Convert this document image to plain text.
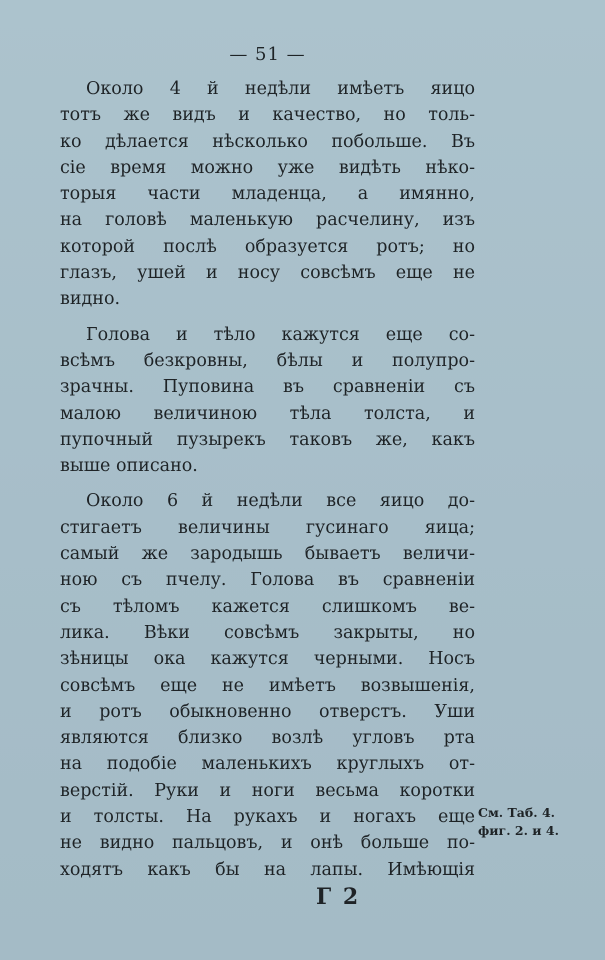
— 51 —

Около 4 й недѣли имѣетъ яицо
тотъ же видъ и качество, но толь-
ко дѣлается нѣсколько побольше. Въ
сіе время можно уже видѣть нѣко-
торыя части младенца, а имянно,
на головѣ маленькую расчелину, изъ
которой послѣ образуется ротъ; но
глазъ, ушей и носу совсѣмъ еще не
видно.

Голова и тѣло кажутся еще со-
всѣмъ безкровны, бѣлы и полупро-
зрачны. Пуповина въ сравненіи съ
малою величиною тѣла толста, и
пупочный пузырекъ таковъ же, какъ
выше описано.

Около 6 й недѣли все яицо до-
стигаетъ величины гусинаго яица;
самый же зародышь бываетъ величи-
ною съ пчелу. Голова въ сравненіи
съ тѣломъ кажется слишкомъ ве-
лика. Вѣки совсѣмъ закрыты, но
зѣницы ока кажутся черными. Носъ
совсѣмъ еще не имѣетъ возвышенія,
и ротъ обыкновенно отверстъ. Уши
являются близко возлѣ угловъ рта
на подобіе маленькихъ круглыхъ от-
верстій. Руки и ноги весьма коротки
и толсты. На рукахъ и ногахъ еще
не видно пальцовъ, и онѣ больше по-
ходятъ какъ бы на лапы. Имѣющія

См. Таб. 4.
фиг. 2. и 4.
Г 2
